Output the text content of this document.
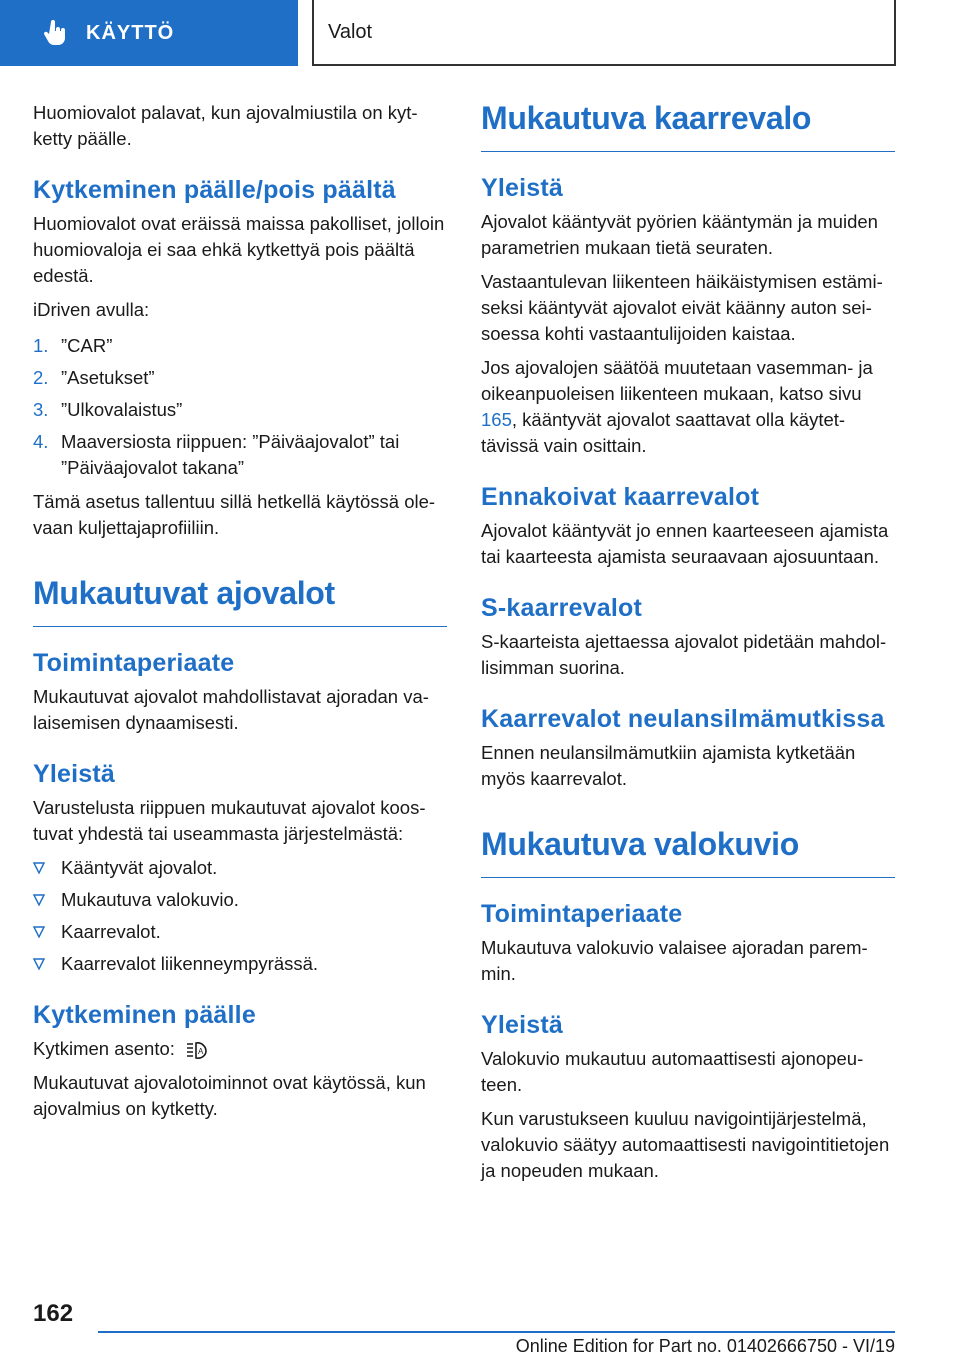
KÄYTTÖ	Valot

Huomiovalot palavat, kun ajovalmiustila on kytketty päälle.

Kytkeminen päälle/pois päältä

Huomiovalot ovat eräissä maissa pakolliset, jolloin huomiovaloja ei saa ehkä kytkettyä pois päältä edestä.

iDriven avulla:

1. ”CAR”
2. ”Asetukset”
3. ”Ulkovalaistus”
4. Maaversiosta riippuen: ”Päiväajovalot” tai ”Päiväajovalot takana”

Tämä asetus tallentuu sillä hetkellä käytössä olevaan kuljettajaprofiiliin.

Mukautuvat ajovalot
Toimintaperiaate

Mukautuvat ajovalot mahdollistavat ajoradan valaisemisen dynaamisesti.

Yleistä

Varustelusta riippuen mukautuvat ajovalot koostuvat yhdestä tai useammasta järjestelmästä:

Kääntyvät ajovalot.
Mukautuva valokuvio.
Kaarrevalot.
Kaarrevalot liikenneympyrässä.
Kytkeminen päälle

Kytkimen asento:	A

Mukautuvat ajovalotoiminnot ovat käytössä, kun ajovalmius on kytketty.

Mukautuva kaarrevalo
Yleistä

Ajovalot kääntyvät pyörien kääntymän ja muiden parametrien mukaan tietä seuraten.

Vastaantulevan liikenteen häikäistymisen estämiseksi kääntyvät ajovalot eivät käänny auton seisoessa kohti vastaantulijoiden kaistaa.

Jos ajovalojen säätöä muutetaan vasemman- ja oikeanpuoleisen liikenteen mukaan, katso sivu 165, kääntyvät ajovalot saattavat olla käytettävissä vain osittain.

Ennakoivat kaarrevalot

Ajovalot kääntyvät jo ennen kaarteeseen ajamista tai kaarteesta ajamista seuraavaan ajosuuntaan.

S-kaarrevalot

S-kaarteista ajettaessa ajovalot pidetään mahdollisimman suorina.

Kaarrevalot neulansilmämutkissa

Ennen neulansilmämutkiin ajamista kytketään myös kaarrevalot.

Mukautuva valokuvio
Toimintaperiaate

Mukautuva valokuvio valaisee ajoradan paremmin.

Yleistä

Valokuvio mukautuu automaattisesti ajonopeuteen.

Kun varustukseen kuuluu navigointijärjestelmä, valokuvio säätyy automaattisesti navigointitietojen ja nopeuden mukaan.

162
Online Edition for Part no. 01402666750 - VI/19
